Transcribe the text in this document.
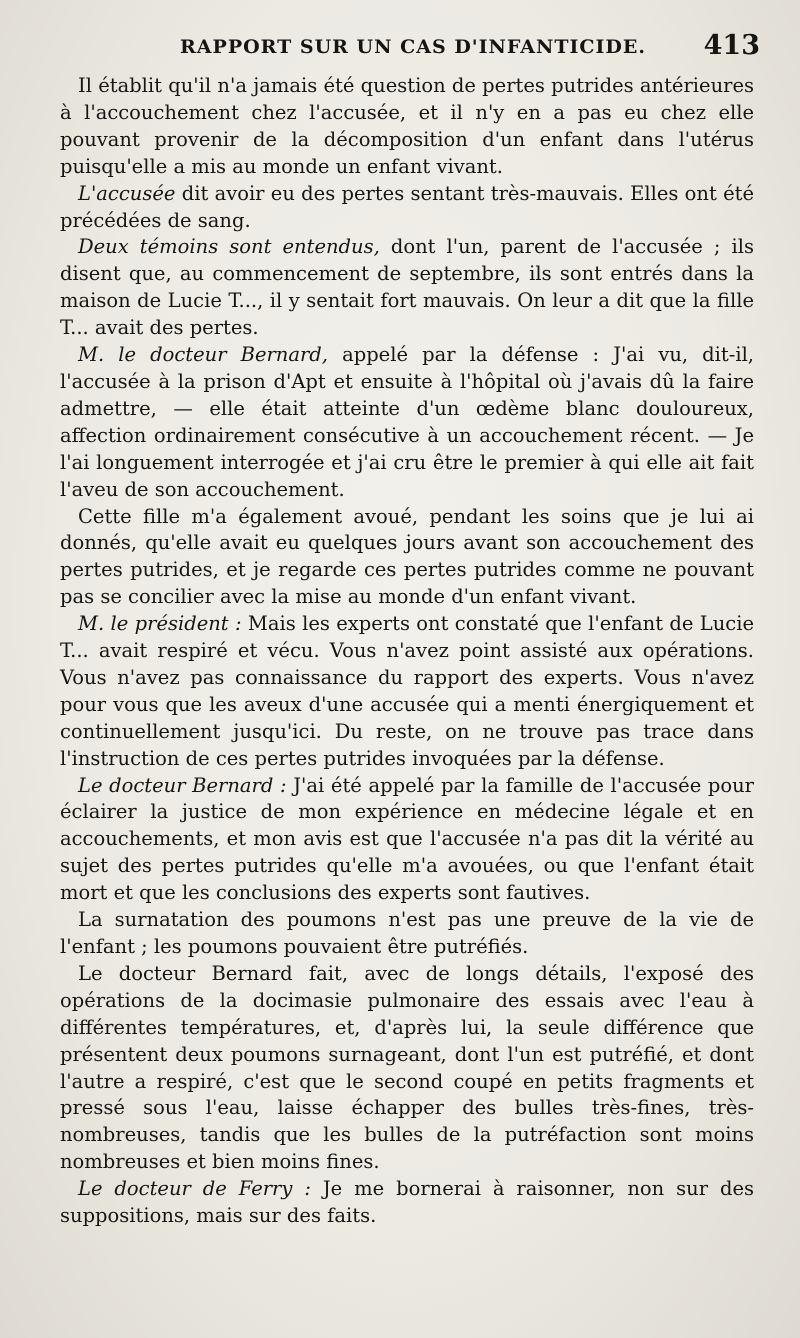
RAPPORT SUR UN CAS D'INFANTICIDE. 413

Il établit qu'il n'a jamais été question de pertes putrides antérieures à l'accouchement chez l'accusée, et il n'y en a pas eu chez elle pouvant provenir de la décomposition d'un enfant dans l'utérus puisqu'elle a mis au monde un enfant vivant.

L'accusée dit avoir eu des pertes sentant très-mauvais. Elles ont été précédées de sang.

Deux témoins sont entendus, dont l'un, parent de l'accusée ; ils disent que, au commencement de septembre, ils sont entrés dans la maison de Lucie T..., il y sentait fort mauvais. On leur a dit que la fille T... avait des pertes.

M. le docteur Bernard, appelé par la défense : J'ai vu, dit-il, l'accusée à la prison d'Apt et ensuite à l'hôpital où j'avais dû la faire admettre, — elle était atteinte d'un œdème blanc douloureux, affection ordinairement consécutive à un accouchement récent. — Je l'ai longuement interrogée et j'ai cru être le premier à qui elle ait fait l'aveu de son accouchement.

Cette fille m'a également avoué, pendant les soins que je lui ai donnés, qu'elle avait eu quelques jours avant son accouchement des pertes putrides, et je regarde ces pertes putrides comme ne pouvant pas se concilier avec la mise au monde d'un enfant vivant.

M. le président : Mais les experts ont constaté que l'enfant de Lucie T... avait respiré et vécu. Vous n'avez point assisté aux opérations. Vous n'avez pas connaissance du rapport des experts. Vous n'avez pour vous que les aveux d'une accusée qui a menti énergiquement et continuellement jusqu'ici. Du reste, on ne trouve pas trace dans l'instruction de ces pertes putrides invoquées par la défense.

Le docteur Bernard : J'ai été appelé par la famille de l'accusée pour éclairer la justice de mon expérience en médecine légale et en accouchements, et mon avis est que l'accusée n'a pas dit la vérité au sujet des pertes putrides qu'elle m'a avouées, ou que l'enfant était mort et que les conclusions des experts sont fautives.

La surnatation des poumons n'est pas une preuve de la vie de l'enfant ; les poumons pouvaient être putréfiés.

Le docteur Bernard fait, avec de longs détails, l'exposé des opérations de la docimasie pulmonaire des essais avec l'eau à différentes températures, et, d'après lui, la seule différence que présentent deux poumons surnageant, dont l'un est putréfié, et dont l'autre a respiré, c'est que le second coupé en petits fragments et pressé sous l'eau, laisse échapper des bulles très-fines, très-nombreuses, tandis que les bulles de la putréfaction sont moins nombreuses et bien moins fines.

Le docteur de Ferry : Je me bornerai à raisonner, non sur des suppositions, mais sur des faits.
